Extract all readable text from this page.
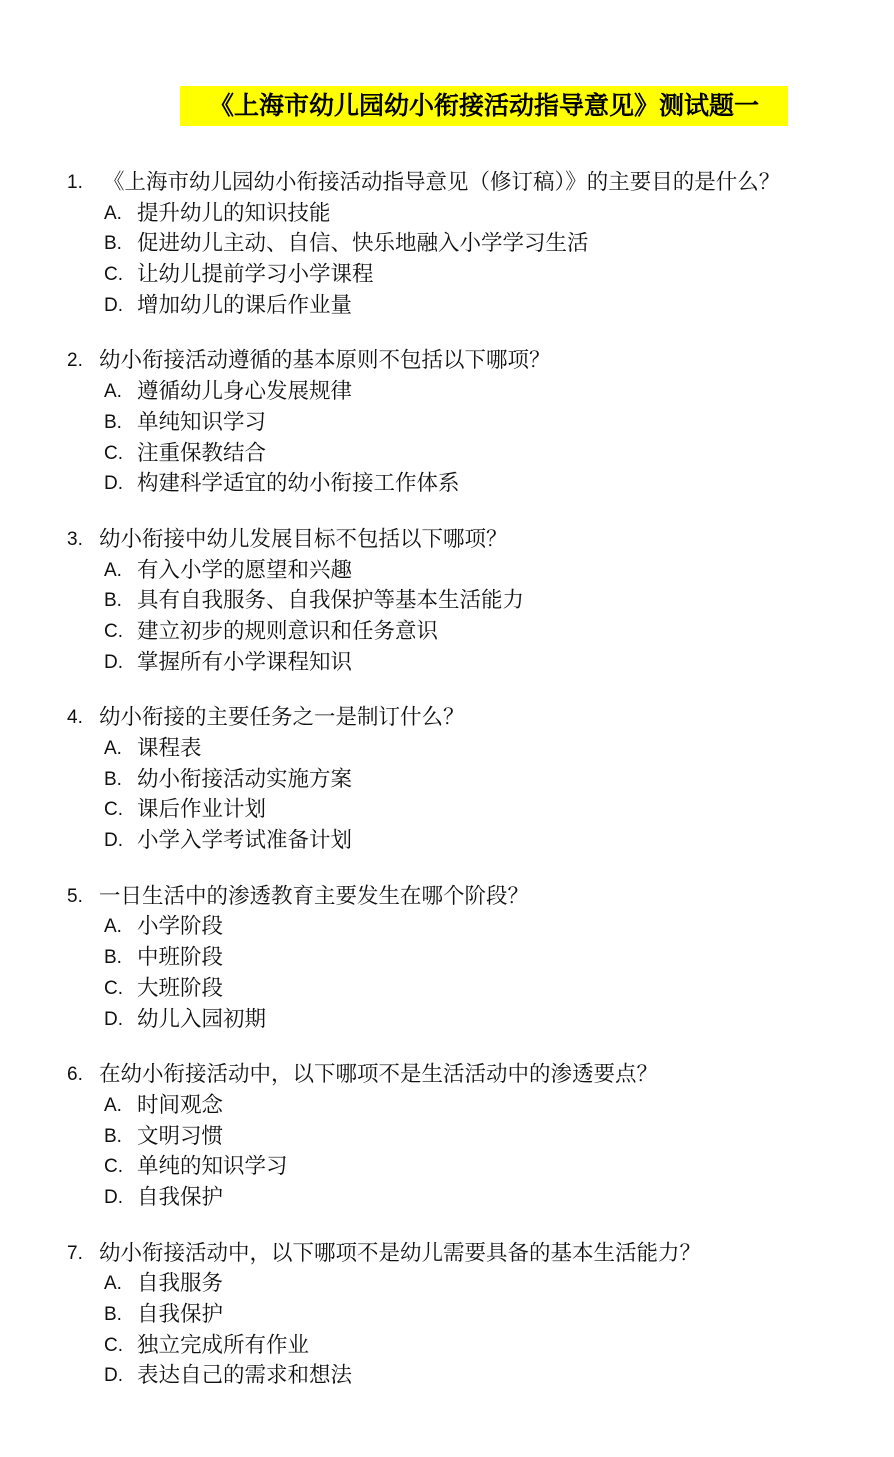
《上海市幼儿园幼小衔接活动指导意见》测试题一
1. 《上海市幼儿园幼小衔接活动指导意见（修订稿）》的主要目的是什么？
A. 提升幼儿的知识技能
B. 促进幼儿主动、自信、快乐地融入小学学习生活
C. 让幼儿提前学习小学课程
D. 增加幼儿的课后作业量
2. 幼小衔接活动遵循的基本原则不包括以下哪项？
A. 遵循幼儿身心发展规律
B. 单纯知识学习
C. 注重保教结合
D. 构建科学适宜的幼小衔接工作体系
3. 幼小衔接中幼儿发展目标不包括以下哪项？
A. 有入小学的愿望和兴趣
B. 具有自我服务、自我保护等基本生活能力
C. 建立初步的规则意识和任务意识
D. 掌握所有小学课程知识
4. 幼小衔接的主要任务之一是制订什么？
A. 课程表
B. 幼小衔接活动实施方案
C. 课后作业计划
D. 小学入学考试准备计划
5. 一日生活中的渗透教育主要发生在哪个阶段？
A. 小学阶段
B. 中班阶段
C. 大班阶段
D. 幼儿入园初期
6. 在幼小衔接活动中，以下哪项不是生活活动中的渗透要点？
A. 时间观念
B. 文明习惯
C. 单纯的知识学习
D. 自我保护
7. 幼小衔接活动中，以下哪项不是幼儿需要具备的基本生活能力？
A. 自我服务
B. 自我保护
C. 独立完成所有作业
D. 表达自己的需求和想法
